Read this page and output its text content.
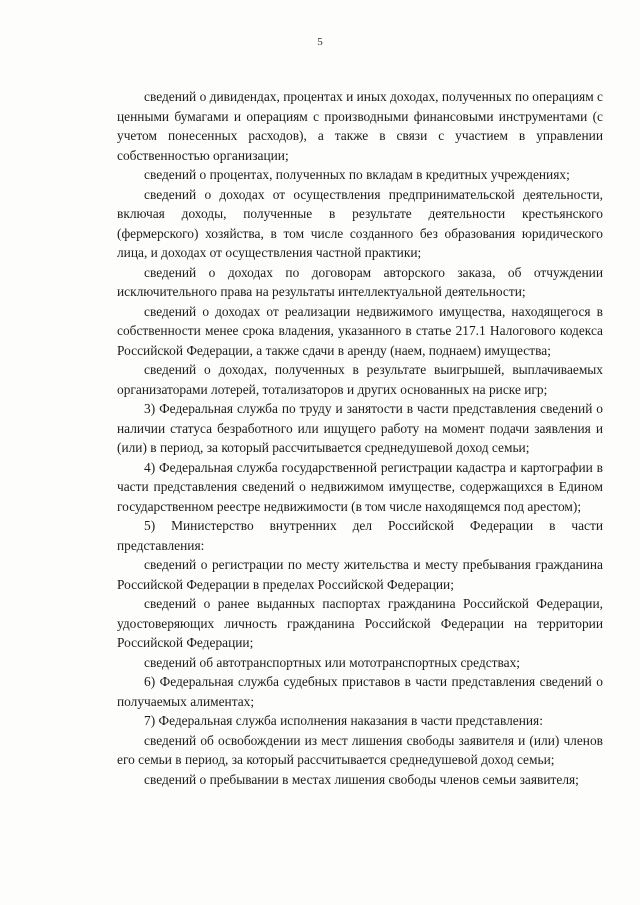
5

сведений о дивидендах, процентах и иных доходах, полученных по операциям с ценными бумагами и операциям с производными финансовыми инструментами (с учетом понесенных расходов), а также в связи с участием в управлении собственностью организации;

сведений о процентах, полученных по вкладам в кредитных учреждениях;

сведений о доходах от осуществления предпринимательской деятельности, включая доходы, полученные в результате деятельности крестьянского (фермерского) хозяйства, в том числе созданного без образования юридического лица, и доходах от осуществления частной практики;

сведений о доходах по договорам авторского заказа, об отчуждении исключительного права на результаты интеллектуальной деятельности;

сведений о доходах от реализации недвижимого имущества, находящегося в собственности менее срока владения, указанного в статье 217.1 Налогового кодекса Российской Федерации, а также сдачи в аренду (наем, поднаем) имущества;

сведений о доходах, полученных в результате выигрышей, выплачиваемых организаторами лотерей, тотализаторов и других основанных на риске игр;

3) Федеральная служба по труду и занятости в части представления сведений о наличии статуса безработного или ищущего работу на момент подачи заявления и (или) в период, за который рассчитывается среднедушевой доход семьи;

4) Федеральная служба государственной регистрации кадастра и картографии в части представления сведений о недвижимом имуществе, содержащихся в Едином государственном реестре недвижимости (в том числе находящемся под арестом);

5) Министерство внутренних дел Российской Федерации в части представления:

сведений о регистрации по месту жительства и месту пребывания гражданина Российской Федерации в пределах Российской Федерации;

сведений о ранее выданных паспортах гражданина Российской Федерации, удостоверяющих личность гражданина Российской Федерации на территории Российской Федерации;

сведений об автотранспортных или мототранспортных средствах;

6) Федеральная служба судебных приставов в части представления сведений о получаемых алиментах;

7) Федеральная служба исполнения наказания в части представления:

сведений об освобождении из мест лишения свободы заявителя и (или) членов его семьи в период, за который рассчитывается среднедушевой доход семьи;

сведений о пребывании в местах лишения свободы членов семьи заявителя;
